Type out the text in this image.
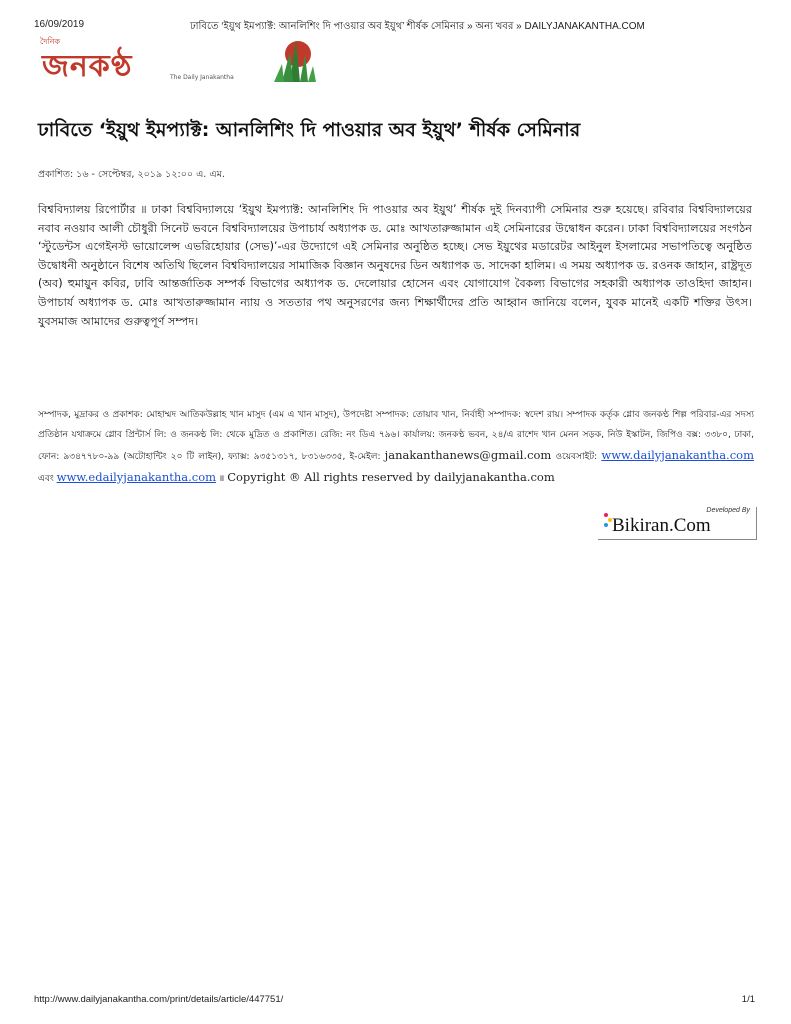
16/09/2019	ঢাবিতে ‘ইয়ুথ ইমপ্যাক্ট: আনলিশিং দি পাওয়ার অব ইয়ুথ’ শীর্ষক সেমিনার » অন্য খবর » DAILYJANAKANTHA.COM
দৈনিক
জনকণ্ঠ	The Daily Janakantha
ঢাবিতে ‘ইয়ুথ ইমপ্যাক্ট: আনলিশিং দি পাওয়ার অব ইয়ুথ’ শীর্ষক সেমিনার
প্রকাশিত: ১৬ - সেপ্টেম্বর, ২০১৯ ১২:০০ এ. এম.
বিশ্ববিদ্যালয় রিপোর্টার ॥ ঢাকা বিশ্ববিদ্যালয়ে ‘ইয়ুথ ইমপ্যাক্ট: আনলিশিং দি পাওয়ার অব ইয়ুথ’ শীর্ষক দুই দিনব্যাপী সেমিনার শুরু হয়েছে। রবিবার বিশ্ববিদ্যালয়ের নবাব নওয়াব আলী চৌধুরী সিনেট ভবনে বিশ্ববিদ্যালয়ের উপাচার্য অধ্যাপক ড. মোঃ আখতারুজ্জামান এই সেমিনারের উদ্বোধন করেন। ঢাকা বিশ্ববিদ্যালয়ের সংগঠন ‘স্টুডেন্টস এগেইনস্ট ভায়োলেন্স এভরিহোয়ার (সেভ)’-এর উদ্যোগে এই সেমিনার অনুষ্ঠিত হচ্ছে। সেভ ইয়ুথের মডারেটর আইনুল ইসলামের সভাপতিত্বে অনুষ্ঠিত উদ্বোধনী অনুষ্ঠানে বিশেষ অতিথি ছিলেন বিশ্ববিদ্যালয়ের সামাজিক বিজ্ঞান অনুষদের ডিন অধ্যাপক ড. সাদেকা হালিম। এ সময় অধ্যাপক ড. রওনক জাহান, রাষ্ট্রদূত (অব) হুমায়ুন কবির, ঢাবি আন্তর্জাতিক সম্পর্ক বিভাগের অধ্যাপক ড. দেলোয়ার হোসেন এবং যোগাযোগ বৈকল্য বিভাগের সহকারী অধ্যাপক তাওহিদা জাহান। উপাচার্য অধ্যাপক ড. মোঃ আখতারুজ্জামান ন্যায় ও সততার পথ অনুসরণের জন্য শিক্ষার্থীদের প্রতি আহ্বান জানিয়ে বলেন, যুবক মানেই একটি শক্তির উৎস। যুবসমাজ আমাদের গুরুত্বপূর্ণ সম্পদ।
সম্পাদক, মুদ্রাকর ও প্রকাশক: মোহাম্মদ আতিকউল্লাহ খান মাসুদ (এম এ খান মাসুদ), উপদেষ্টা সম্পাদক: তোয়াব খান, নির্বাহী সম্পাদক: স্বদেশ রায়। সম্পাদক কর্তৃক গ্লোব জনকণ্ঠ শিল্প পরিবার-এর সদস্য প্রতিষ্ঠান যথাক্রমে গ্লোব প্রিন্টার্স লি: ও জনকণ্ঠ লি: থেকে মুদ্রিত ও প্রকাশিত। রেজি: নং ডিএ ৭৯৬। কার্যালয়: জনকণ্ঠ ভবন, ২৪/এ রাশেদ খান মেনন সড়ক, নিউ ইস্কাটন, জিপিও বক্স: ৩৩৮০, ঢাকা, ফোন: ৯৩৪৭৭৮০-৯৯ (অটোহান্টিং ২০ টি লাইন), ফ্যাক্স: ৯৩৫১৩১৭, ৮৩১৬৩৩৫, ই-মেইল: janakanthanews@gmail.com ওয়েবসাইট: www.dailyjanakantha.com এবং www.edailyjanakantha.com ॥ Copyright ® All rights reserved by dailyjanakantha.com
Developed By
Bikiran.Com
http://www.dailyjanakantha.com/print/details/article/447751/	1/1
